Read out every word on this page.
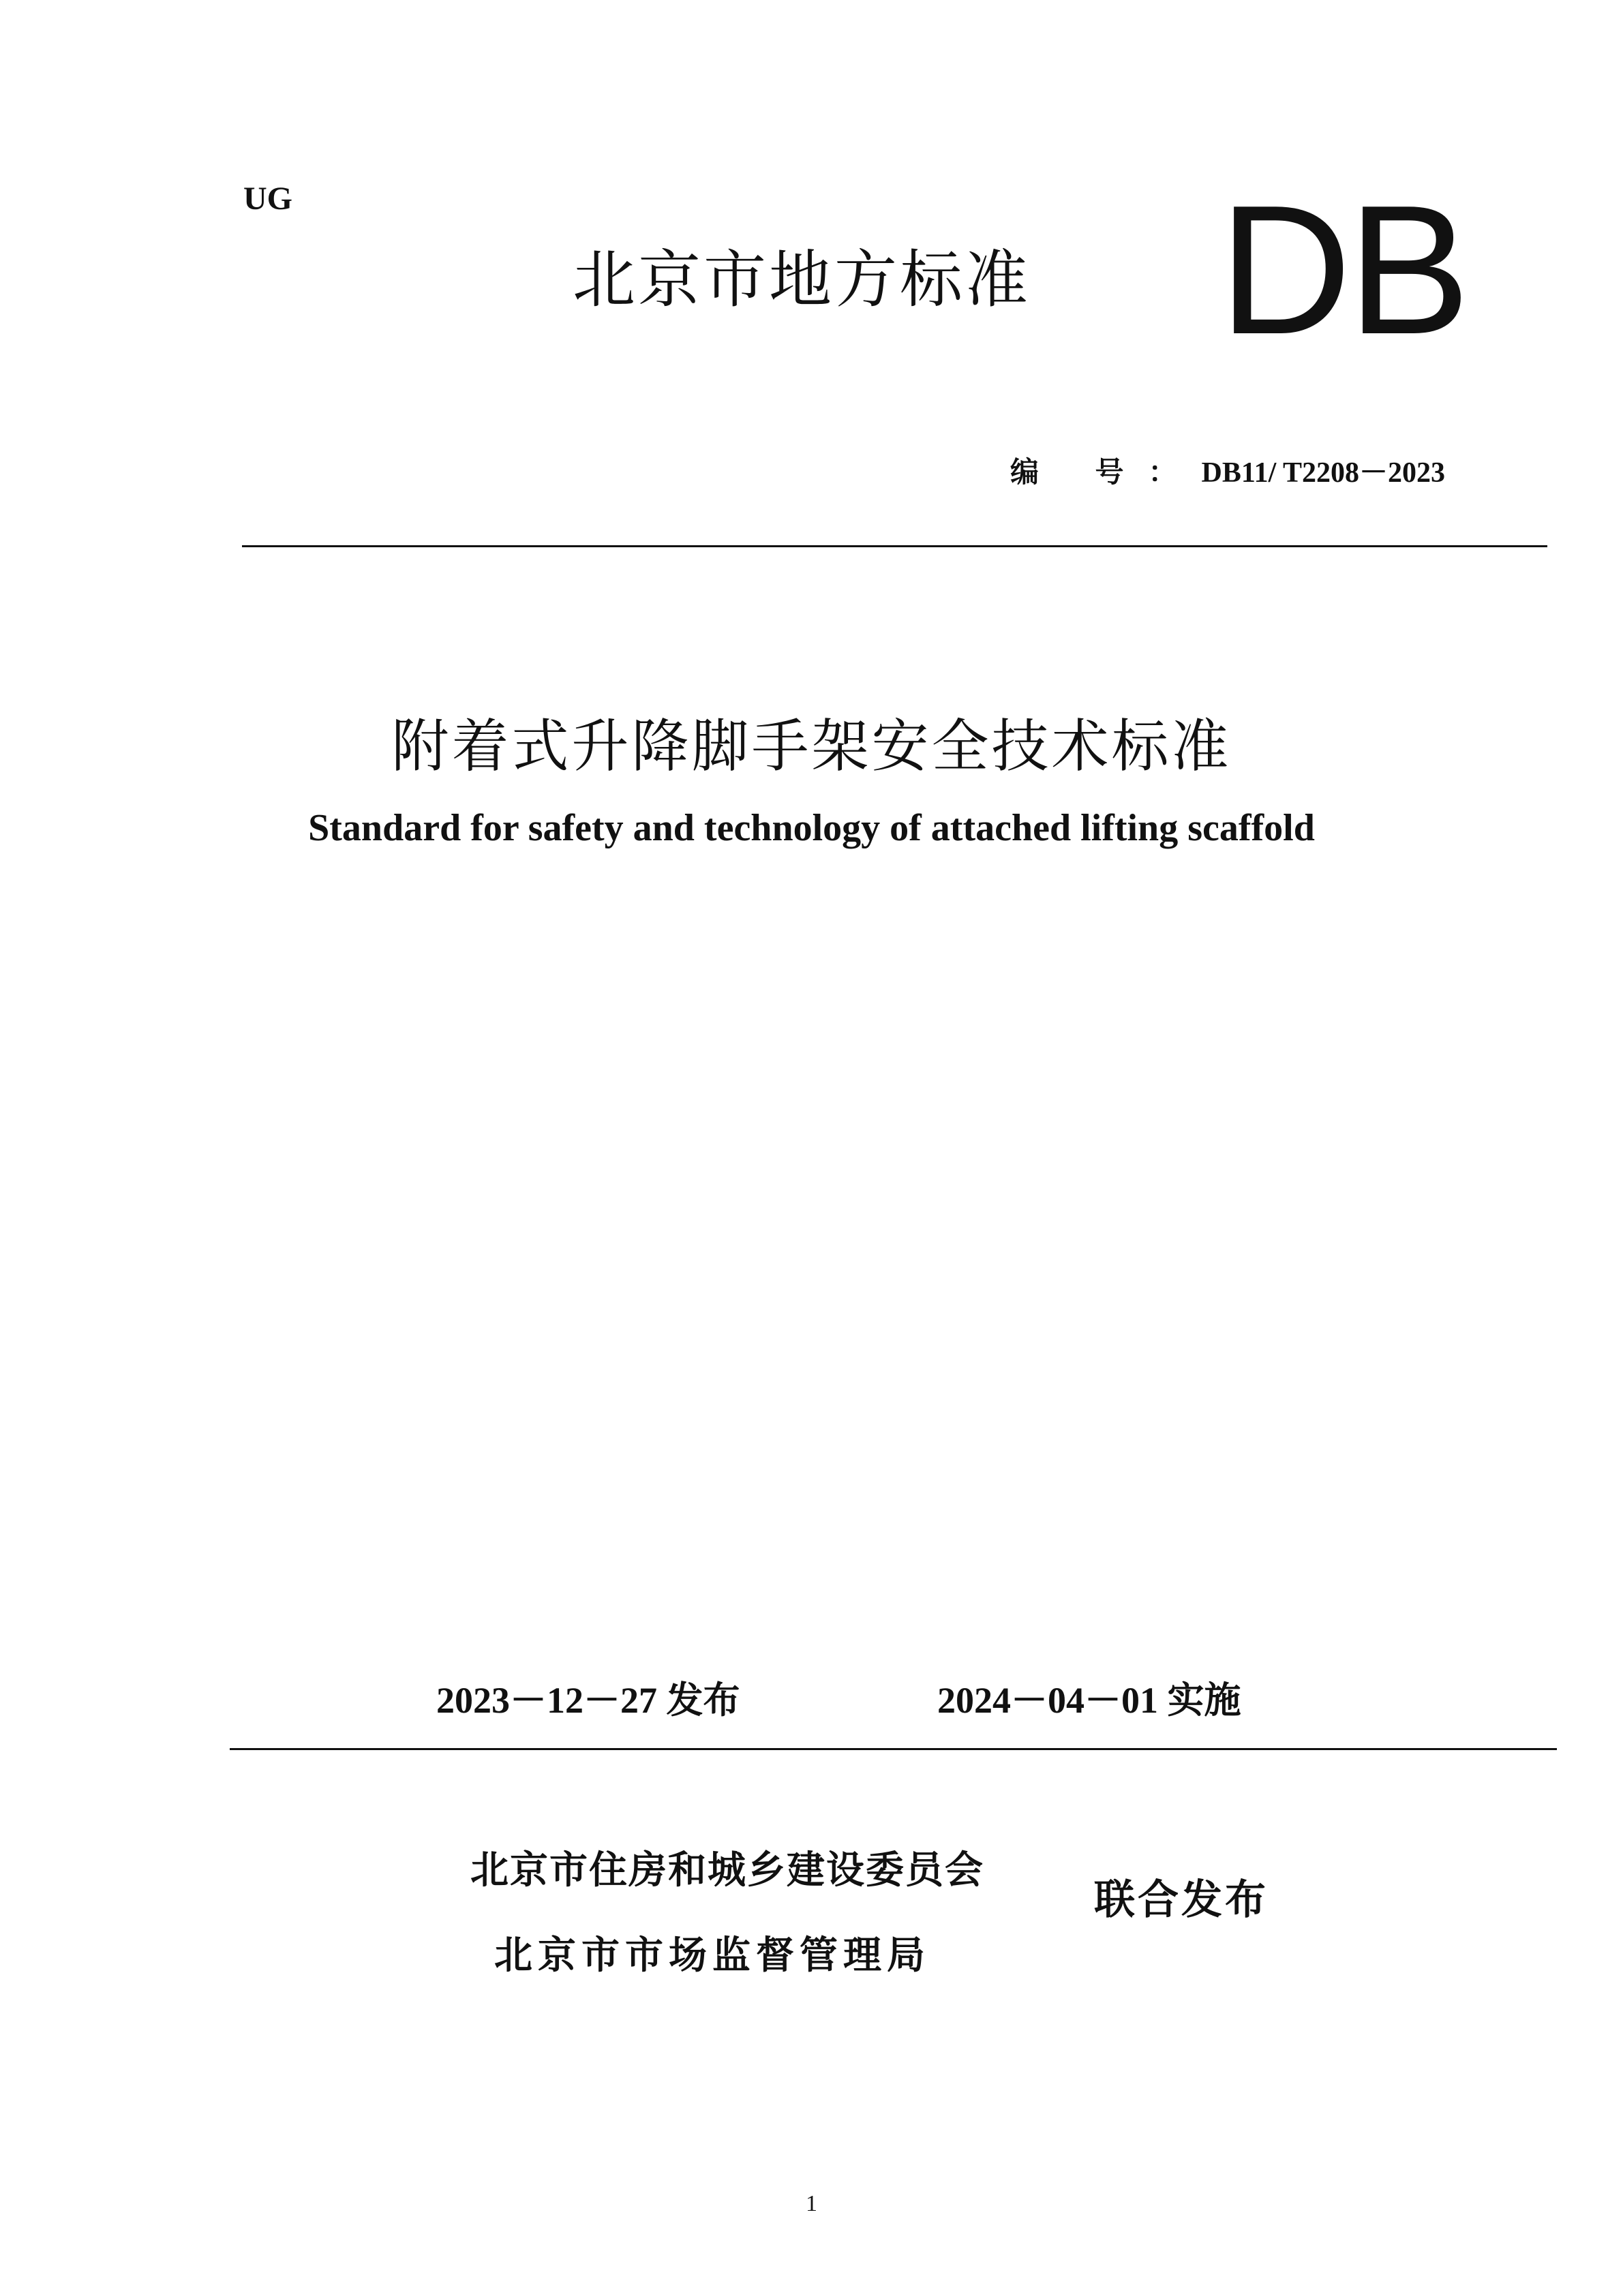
UG
北京市地方标准 DB
编 号：DB11/ T2208－2023
附着式升降脚手架安全技术标准
Standard for safety and technology of attached lifting scaffold
2023－12－27 发布	2024－04－01 实施
北京市住房和城乡建设委员会
北京市市场监督管理局
联合发布
1
